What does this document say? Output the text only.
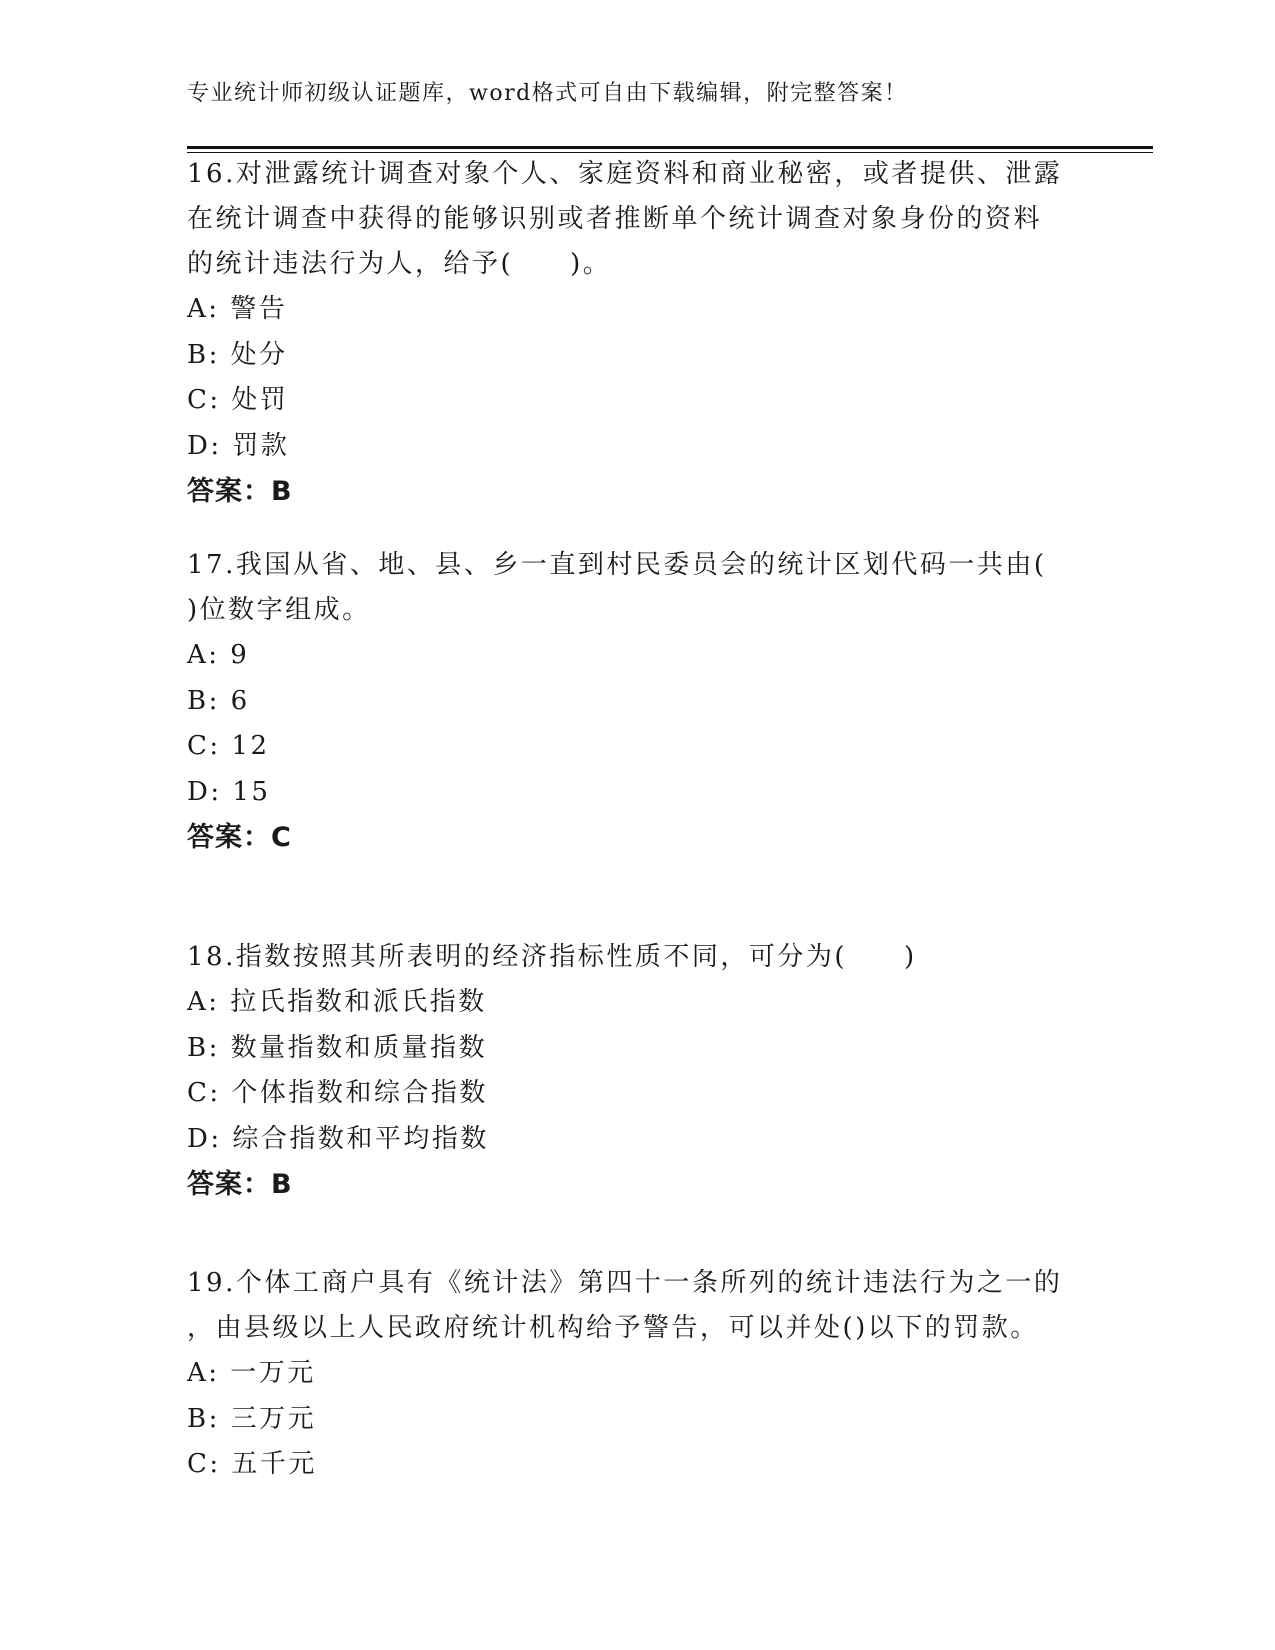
专业统计师初级认证题库，word格式可自由下载编辑，附完整答案！
16.对泄露统计调查对象个人、家庭资料和商业秘密，或者提供、泄露
在统计调查中获得的能够识别或者推断单个统计调查对象身份的资料
的统计违法行为人，给予(　　)。
A: 警告
B: 处分
C: 处罚
D: 罚款
答案：B
17.我国从省、地、县、乡一直到村民委员会的统计区划代码一共由(
)位数字组成。
A: 9
B: 6
C: 12
D: 15
答案：C
18.指数按照其所表明的经济指标性质不同，可分为(　　)
A: 拉氏指数和派氏指数
B: 数量指数和质量指数
C: 个体指数和综合指数
D: 综合指数和平均指数
答案：B
19.个体工商户具有《统计法》第四十一条所列的统计违法行为之一的
，由县级以上人民政府统计机构给予警告，可以并处()以下的罚款。
A: 一万元
B: 三万元
C: 五千元
